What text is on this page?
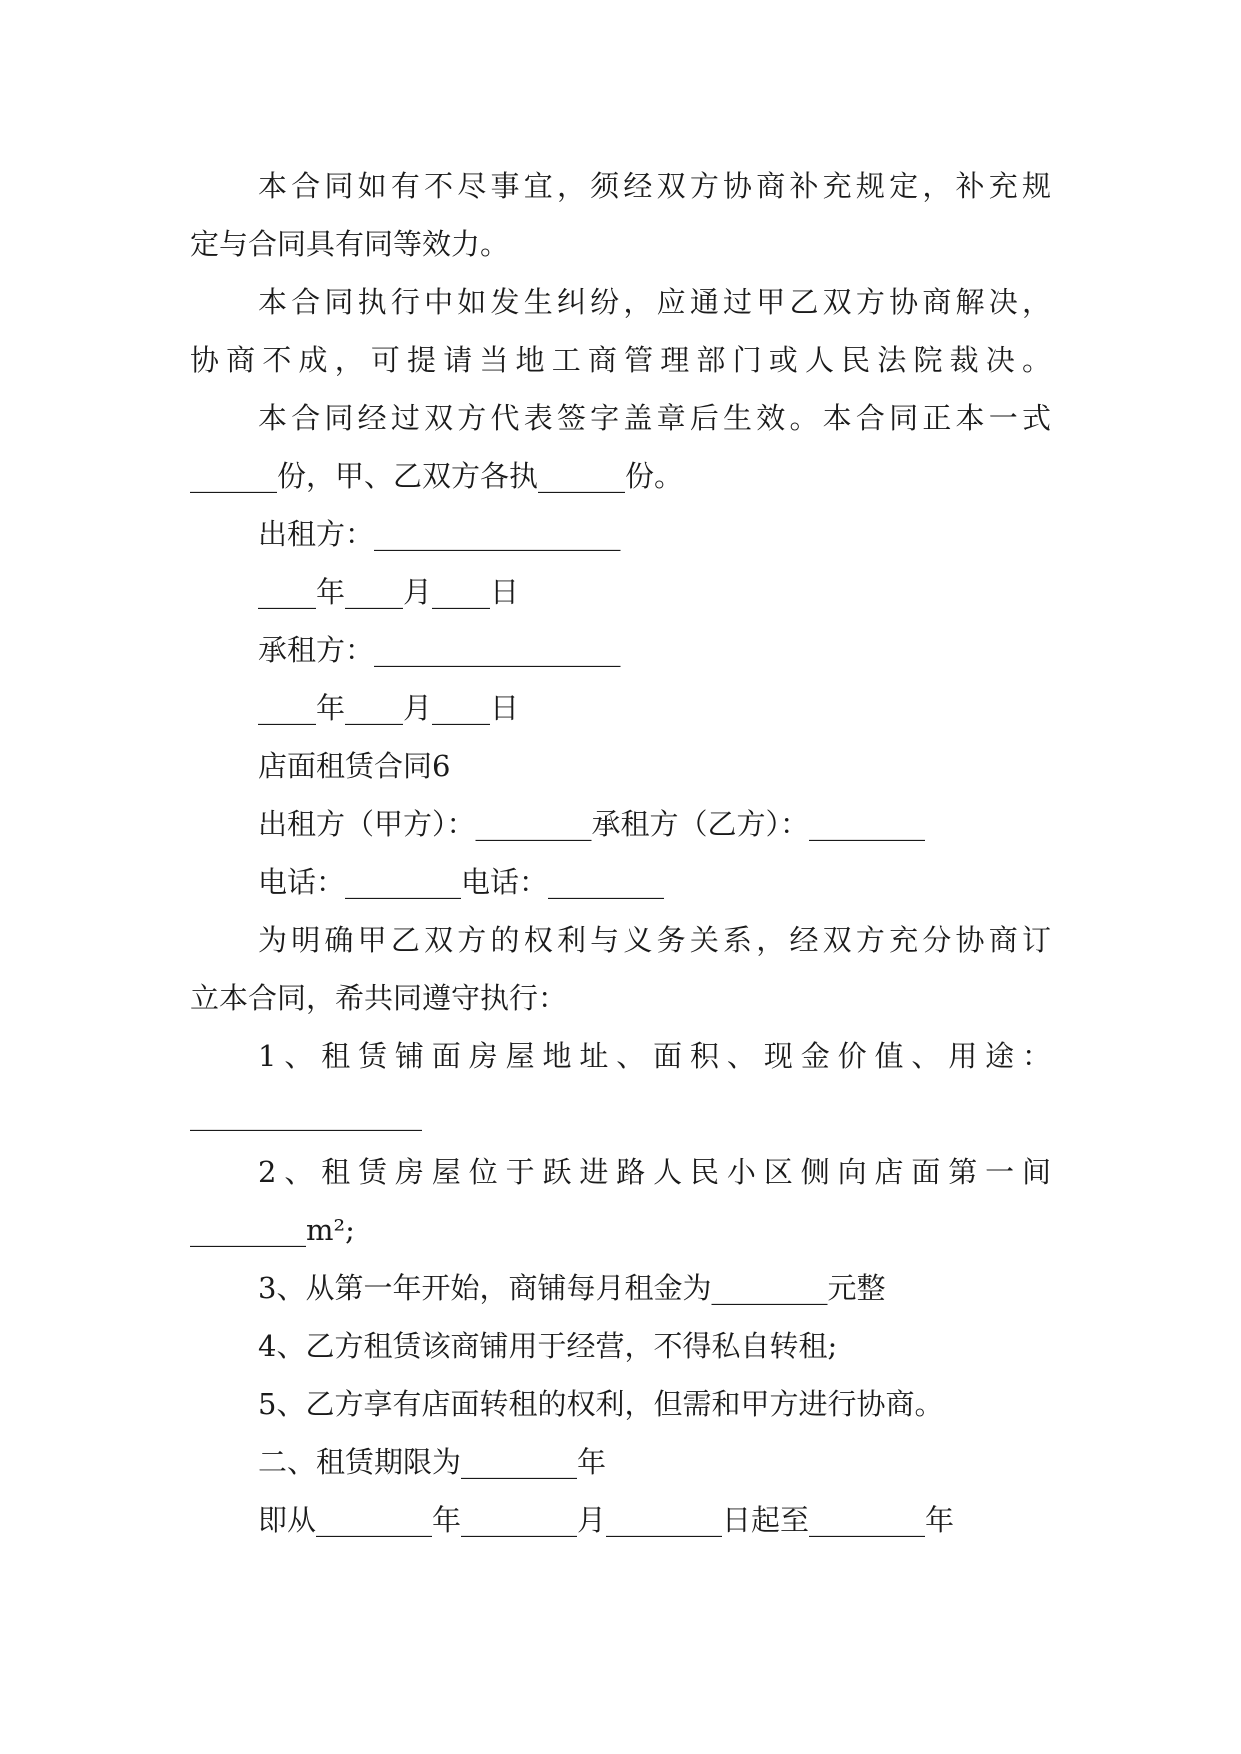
本合同如有不尽事宜，须经双方协商补充规定，补充规
定与合同具有同等效力。
本合同执行中如发生纠纷，应通过甲乙双方协商解决，
协商不成，可提请当地工商管理部门或人民法院裁决。
本合同经过双方代表签字盖章后生效。本合同正本一式
______份，甲、乙双方各执______份。
出租方：_________________
____年____月____日
承租方：_________________
____年____月____日
店面租赁合同6
出租方（甲方）：________承租方（乙方）：________
电话：________电话：________
为明确甲乙双方的权利与义务关系，经双方充分协商订
立本合同，希共同遵守执行：
1、租赁铺面房屋地址、面积、现金价值、用途：
________________
2、租赁房屋位于跃进路人民小区侧向店面第一间
________m²;
3、从第一年开始，商铺每月租金为________元整
4、乙方租赁该商铺用于经营，不得私自转租;
5、乙方享有店面转租的权利，但需和甲方进行协商。
二、租赁期限为________年
即从________年________月________日起至________年
